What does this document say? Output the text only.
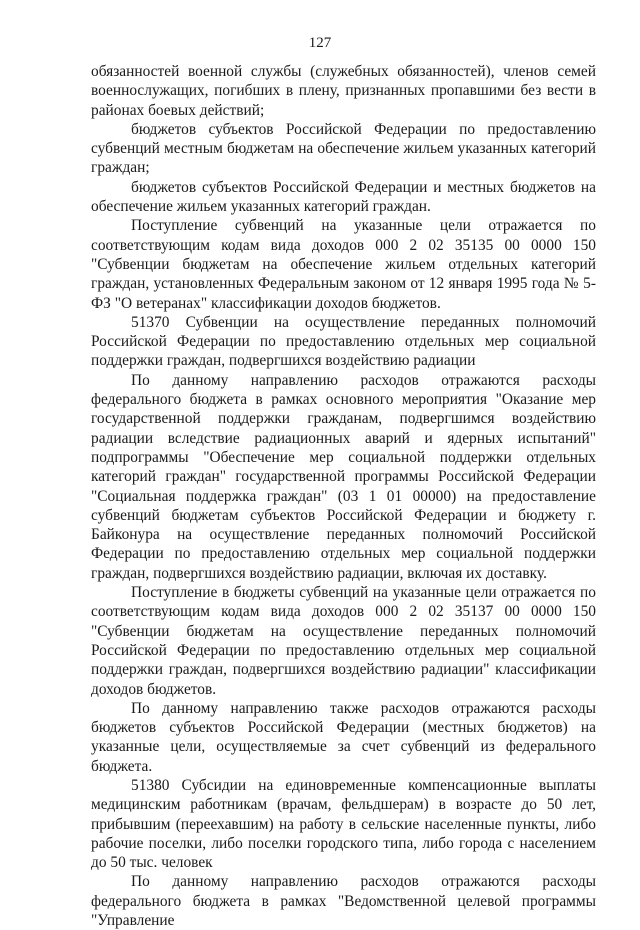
127

обязанностей военной службы (служебных обязанностей), членов семей военнослужащих, погибших в плену, признанных пропавшими без вести в районах боевых действий;

бюджетов субъектов Российской Федерации по предоставлению субвенций местным бюджетам на обеспечение жильем указанных категорий граждан;

бюджетов субъектов Российской Федерации и местных бюджетов на обеспечение жильем указанных категорий граждан.

Поступление субвенций на указанные цели отражается по соответствующим кодам вида доходов 000 2 02 35135 00 0000 150 "Субвенции бюджетам на обеспечение жильем отдельных категорий граждан, установленных Федеральным законом от 12 января 1995 года № 5-ФЗ "О ветеранах" классификации доходов бюджетов.

51370 Субвенции на осуществление переданных полномочий Российской Федерации по предоставлению отдельных мер социальной поддержки граждан, подвергшихся воздействию радиации

По данному направлению расходов отражаются расходы федерального бюджета в рамках основного мероприятия "Оказание мер государственной поддержки гражданам, подвергшимся воздействию радиации вследствие радиационных аварий и ядерных испытаний" подпрограммы "Обеспечение мер социальной поддержки отдельных категорий граждан" государственной программы Российской Федерации "Социальная поддержка граждан" (03 1 01 00000) на предоставление субвенций бюджетам субъектов Российской Федерации и бюджету г. Байконура на осуществление переданных полномочий Российской Федерации по предоставлению отдельных мер социальной поддержки граждан, подвергшихся воздействию радиации, включая их доставку.

Поступление в бюджеты субвенций на указанные цели отражается по соответствующим кодам вида доходов 000 2 02 35137 00 0000 150 "Субвенции бюджетам на осуществление переданных полномочий Российской Федерации по предоставлению отдельных мер социальной поддержки граждан, подвергшихся воздействию радиации" классификации доходов бюджетов.

По данному направлению также расходов отражаются расходы бюджетов субъектов Российской Федерации (местных бюджетов) на указанные цели, осуществляемые за счет субвенций из федерального бюджета.

51380 Субсидии на единовременные компенсационные выплаты медицинским работникам (врачам, фельдшерам) в возрасте до 50 лет, прибывшим (переехавшим) на работу в сельские населенные пункты, либо рабочие поселки, либо поселки городского типа, либо города с населением до 50 тыс. человек

По данному направлению расходов отражаются расходы федерального бюджета в рамках "Ведомственной целевой программы "Управление
